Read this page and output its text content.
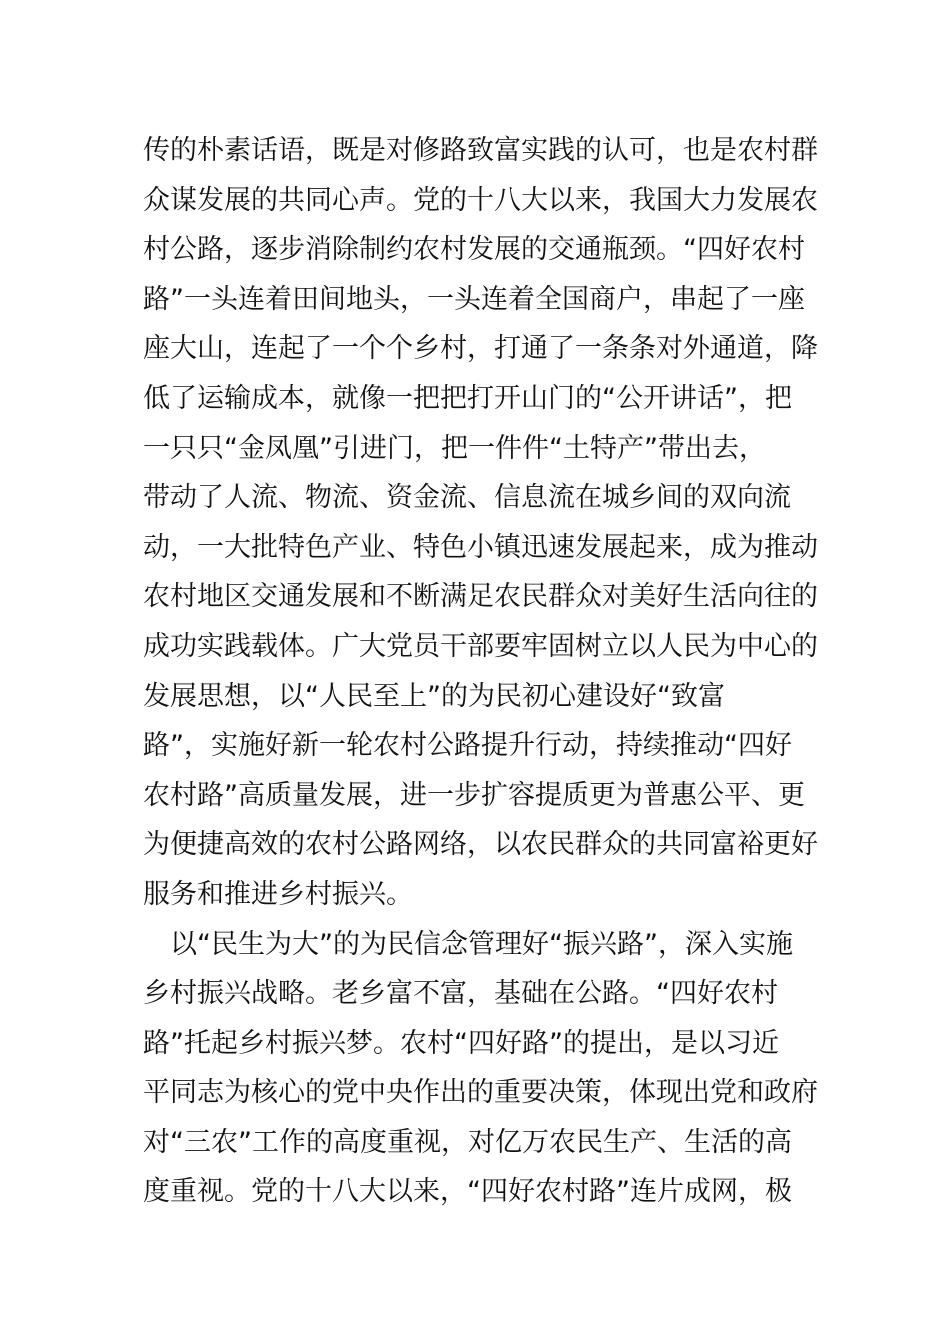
传的朴素话语，既是对修路致富实践的认可，也是农村群
众谋发展的共同心声。党的十八大以来，我国大力发展农
村公路，逐步消除制约农村发展的交通瓶颈。“四好农村
路”一头连着田间地头，一头连着全国商户，串起了一座
座大山，连起了一个个乡村，打通了一条条对外通道，降
低了运输成本，就像一把把打开山门的“公开讲话”，把
一只只“金凤凰”引进门，把一件件“土特产”带出去，
带动了人流、物流、资金流、信息流在城乡间的双向流
动，一大批特色产业、特色小镇迅速发展起来，成为推动
农村地区交通发展和不断满足农民群众对美好生活向往的
成功实践载体。广大党员干部要牢固树立以人民为中心的
发展思想，以“人民至上”的为民初心建设好“致富
路”，实施好新一轮农村公路提升行动，持续推动“四好
农村路”高质量发展，进一步扩容提质更为普惠公平、更
为便捷高效的农村公路网络，以农民群众的共同富裕更好
服务和推进乡村振兴。
以“民生为大”的为民信念管理好“振兴路”，深入实施
乡村振兴战略。老乡富不富，基础在公路。“四好农村
路”托起乡村振兴梦。农村“四好路”的提出，是以习近
平同志为核心的党中央作出的重要决策，体现出党和政府
对“三农”工作的高度重视，对亿万农民生产、生活的高
度重视。党的十八大以来，“四好农村路”连片成网，极
